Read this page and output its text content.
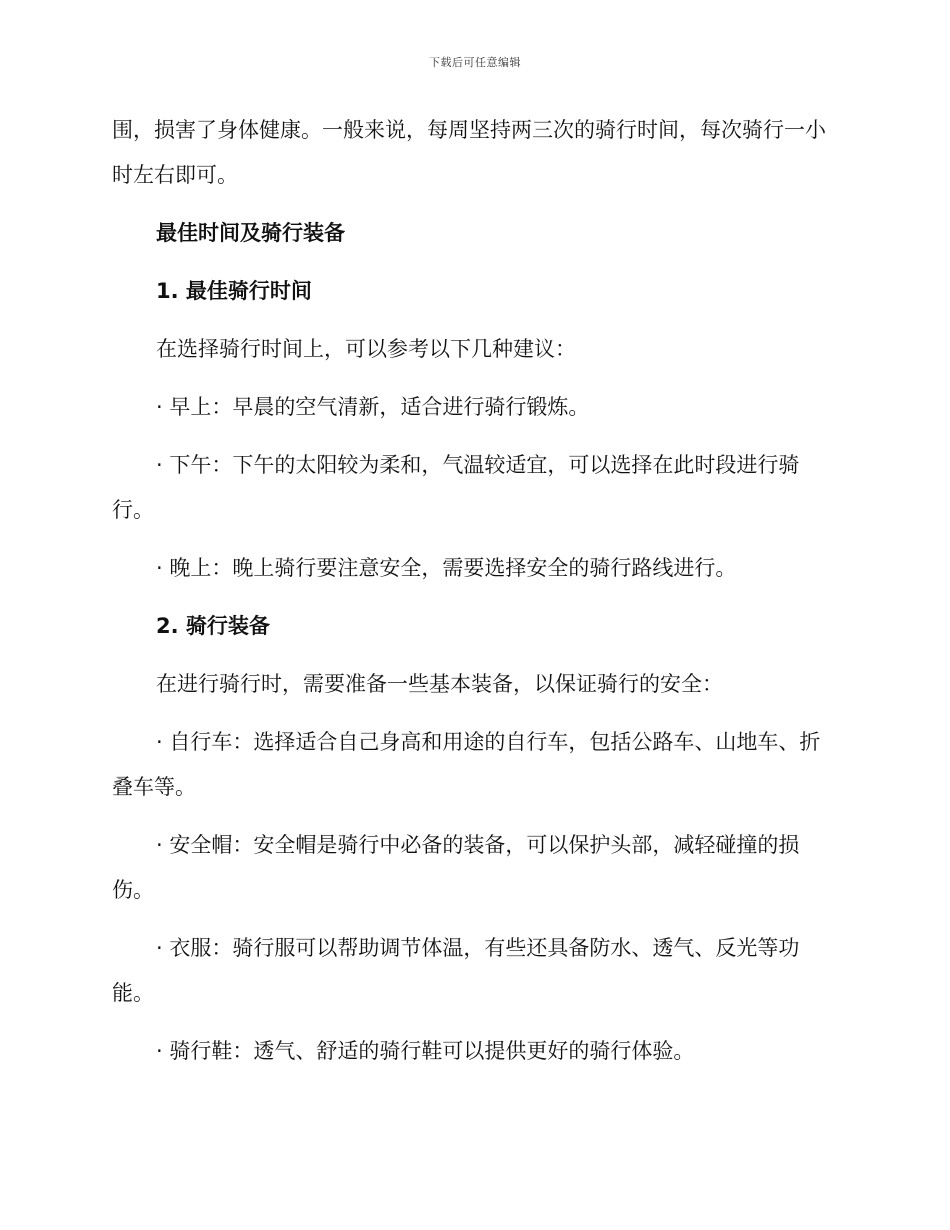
下载后可任意编辑

围，损害了身体健康。一般来说，每周坚持两三次的骑行时间，每次骑行一小时左右即可。

最佳时间及骑行装备

1. 最佳骑行时间

在选择骑行时间上，可以参考以下几种建议：

· 早上：早晨的空气清新，适合进行骑行锻炼。

· 下午：下午的太阳较为柔和，气温较适宜，可以选择在此时段进行骑行。

· 晚上：晚上骑行要注意安全，需要选择安全的骑行路线进行。

2. 骑行装备

在进行骑行时，需要准备一些基本装备，以保证骑行的安全：

· 自行车：选择适合自己身高和用途的自行车，包括公路车、山地车、折叠车等。

· 安全帽：安全帽是骑行中必备的装备，可以保护头部，减轻碰撞的损伤。

· 衣服：骑行服可以帮助调节体温，有些还具备防水、透气、反光等功能。

· 骑行鞋：透气、舒适的骑行鞋可以提供更好的骑行体验。
